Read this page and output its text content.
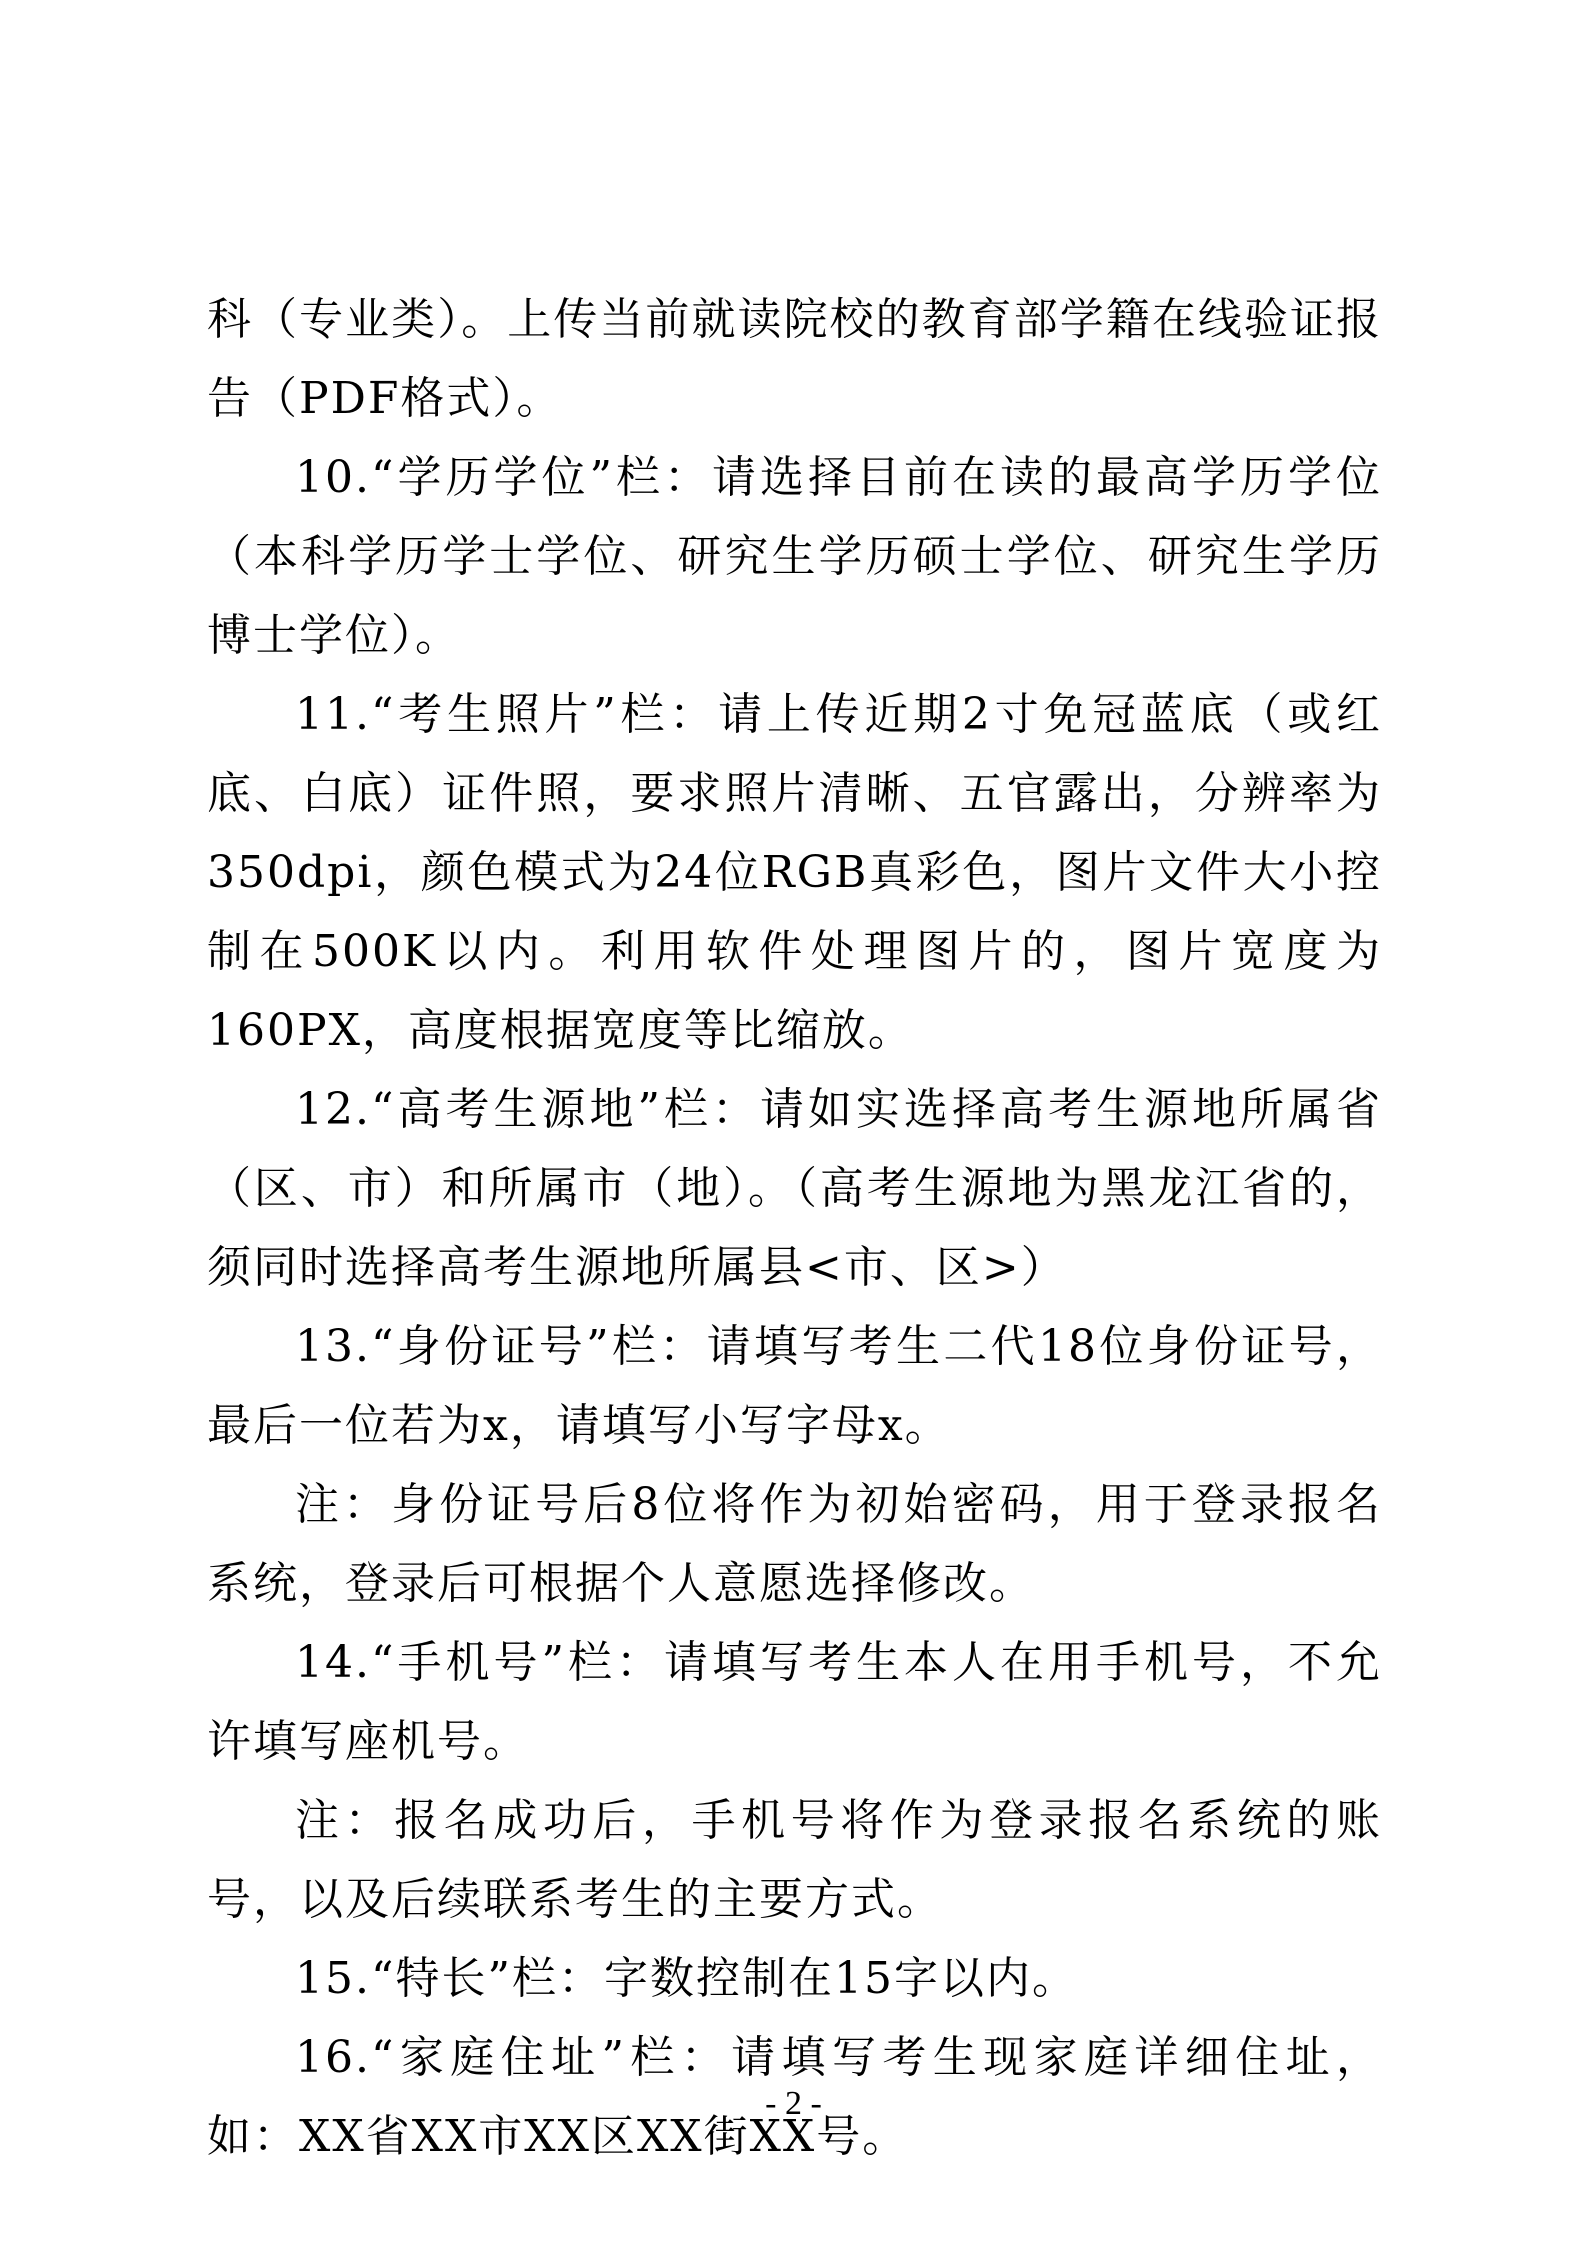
科（专业类）。上传当前就读院校的教育部学籍在线验证报告（PDF格式）。

10.“学历学位”栏：请选择目前在读的最高学历学位（本科学历学士学位、研究生学历硕士学位、研究生学历博士学位）。

11.“考生照片”栏：请上传近期2寸免冠蓝底（或红底、白底）证件照，要求照片清晰、五官露出，分辨率为350dpi，颜色模式为24位RGB真彩色，图片文件大小控制在500K以内。利用软件处理图片的，图片宽度为160PX，高度根据宽度等比缩放。

12.“高考生源地”栏：请如实选择高考生源地所属省（区、市）和所属市（地）。（高考生源地为黑龙江省的，须同时选择高考生源地所属县<市、区>）

13.“身份证号”栏：请填写考生二代18位身份证号，最后一位若为x，请填写小写字母x。

注：身份证号后8位将作为初始密码，用于登录报名系统，登录后可根据个人意愿选择修改。

14.“手机号”栏：请填写考生本人在用手机号，不允许填写座机号。

注：报名成功后，手机号将作为登录报名系统的账号，以及后续联系考生的主要方式。

15.“特长”栏：字数控制在15字以内。

16.“家庭住址”栏：请填写考生现家庭详细住址，如：XX省XX市XX区XX街XX号。

- 2 -
